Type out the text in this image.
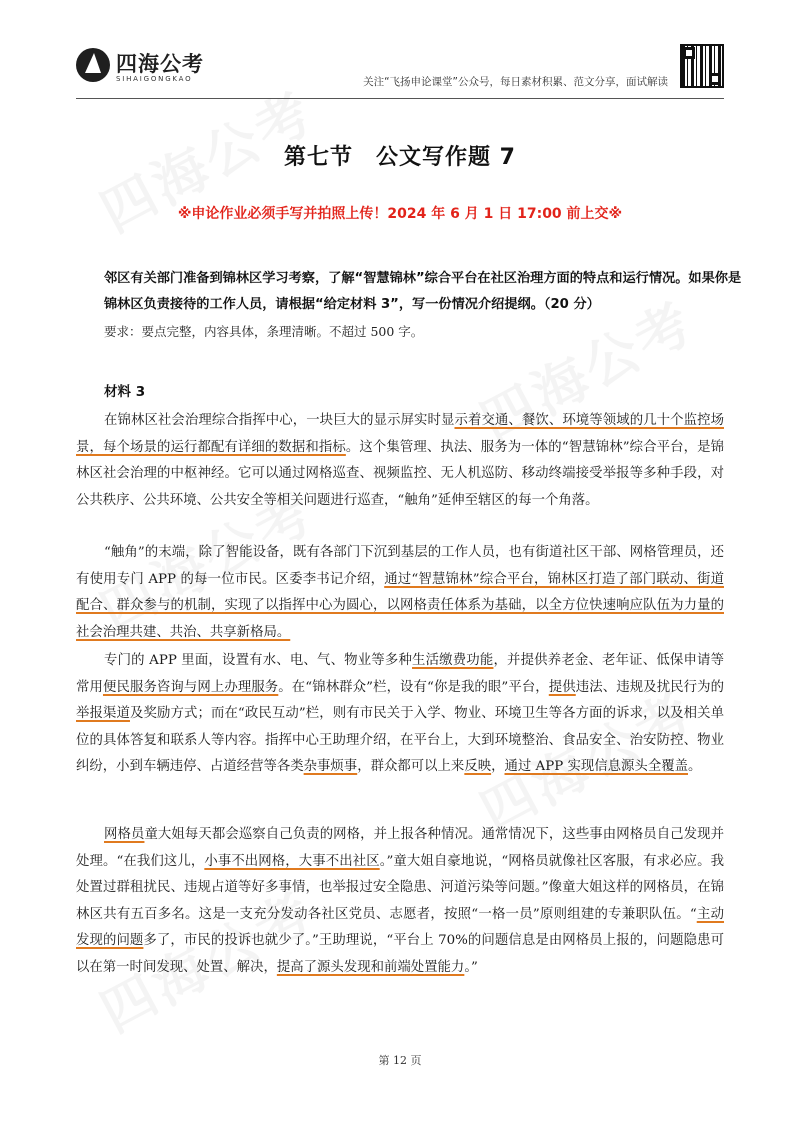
四海公考
SIHAIGONGKAO	关注“飞扬申论课堂”公众号，每日素材积累、范文分享，面试解读
第七节　公文写作题 7
※申论作业必须手写并拍照上传！2024 年 6 月 1 日 17:00 前上交※
邻区有关部门准备到锦林区学习考察，了解“智慧锦林”综合平台在社区治理方面的特点和运行情况。如果你是锦林区负责接待的工作人员，请根据“给定材料 3”，写一份情况介绍提纲。（20 分）
要求：要点完整，内容具体，条理清晰。不超过 500 字。
材料 3
在锦林区社会治理综合指挥中心，一块巨大的显示屏实时显示着交通、餐饮、环境等领域的几十个监控场景，每个场景的运行都配有详细的数据和指标。这个集管理、执法、服务为一体的“智慧锦林”综合平台，是锦林区社会治理的中枢神经。它可以通过网格巡查、视频监控、无人机巡防、移动终端接受举报等多种手段，对公共秩序、公共环境、公共安全等相关问题进行巡查，“触角”延伸至辖区的每一个角落。
“触角”的末端，除了智能设备，既有各部门下沉到基层的工作人员，也有街道社区干部、网格管理员，还有使用专门 APP 的每一位市民。区委李书记介绍，通过“智慧锦林”综合平台，锦林区打造了部门联动、街道配合、群众参与的机制，实现了以指挥中心为圆心，以网格责任体系为基础，以全方位快速响应队伍为力量的社会治理共建、共治、共享新格局。
专门的 APP 里面，设置有水、电、气、物业等多种生活缴费功能，并提供养老金、老年证、低保申请等常用便民服务咨询与网上办理服务。在“锦林群众”栏，设有“你是我的眼”平台，提供违法、违规及扰民行为的举报渠道及奖励方式；而在“政民互动”栏，则有市民关于入学、物业、环境卫生等各方面的诉求，以及相关单位的具体答复和联系人等内容。指挥中心王助理介绍，在平台上，大到环境整治、食品安全、治安防控、物业纠纷，小到车辆违停、占道经营等各类杂事烦事，群众都可以上来反映，通过 APP 实现信息源头全覆盖。
网格员童大姐每天都会巡察自己负责的网格，并上报各种情况。通常情况下，这些事由网格员自己发现并处理。“在我们这儿，小事不出网格，大事不出社区。”童大姐自豪地说，“网格员就像社区客服，有求必应。我处置过群租扰民、违规占道等好多事情，也举报过安全隐患、河道污染等问题。”像童大姐这样的网格员，在锦林区共有五百多名。这是一支充分发动各社区党员、志愿者，按照“一格一员”原则组建的专兼职队伍。“主动发现的问题多了，市民的投诉也就少了。”王助理说，“平台上 70%的问题信息是由网格员上报的，问题隐患可以在第一时间发现、处置、解决，提高了源头发现和前端处置能力。”
第 12 页
